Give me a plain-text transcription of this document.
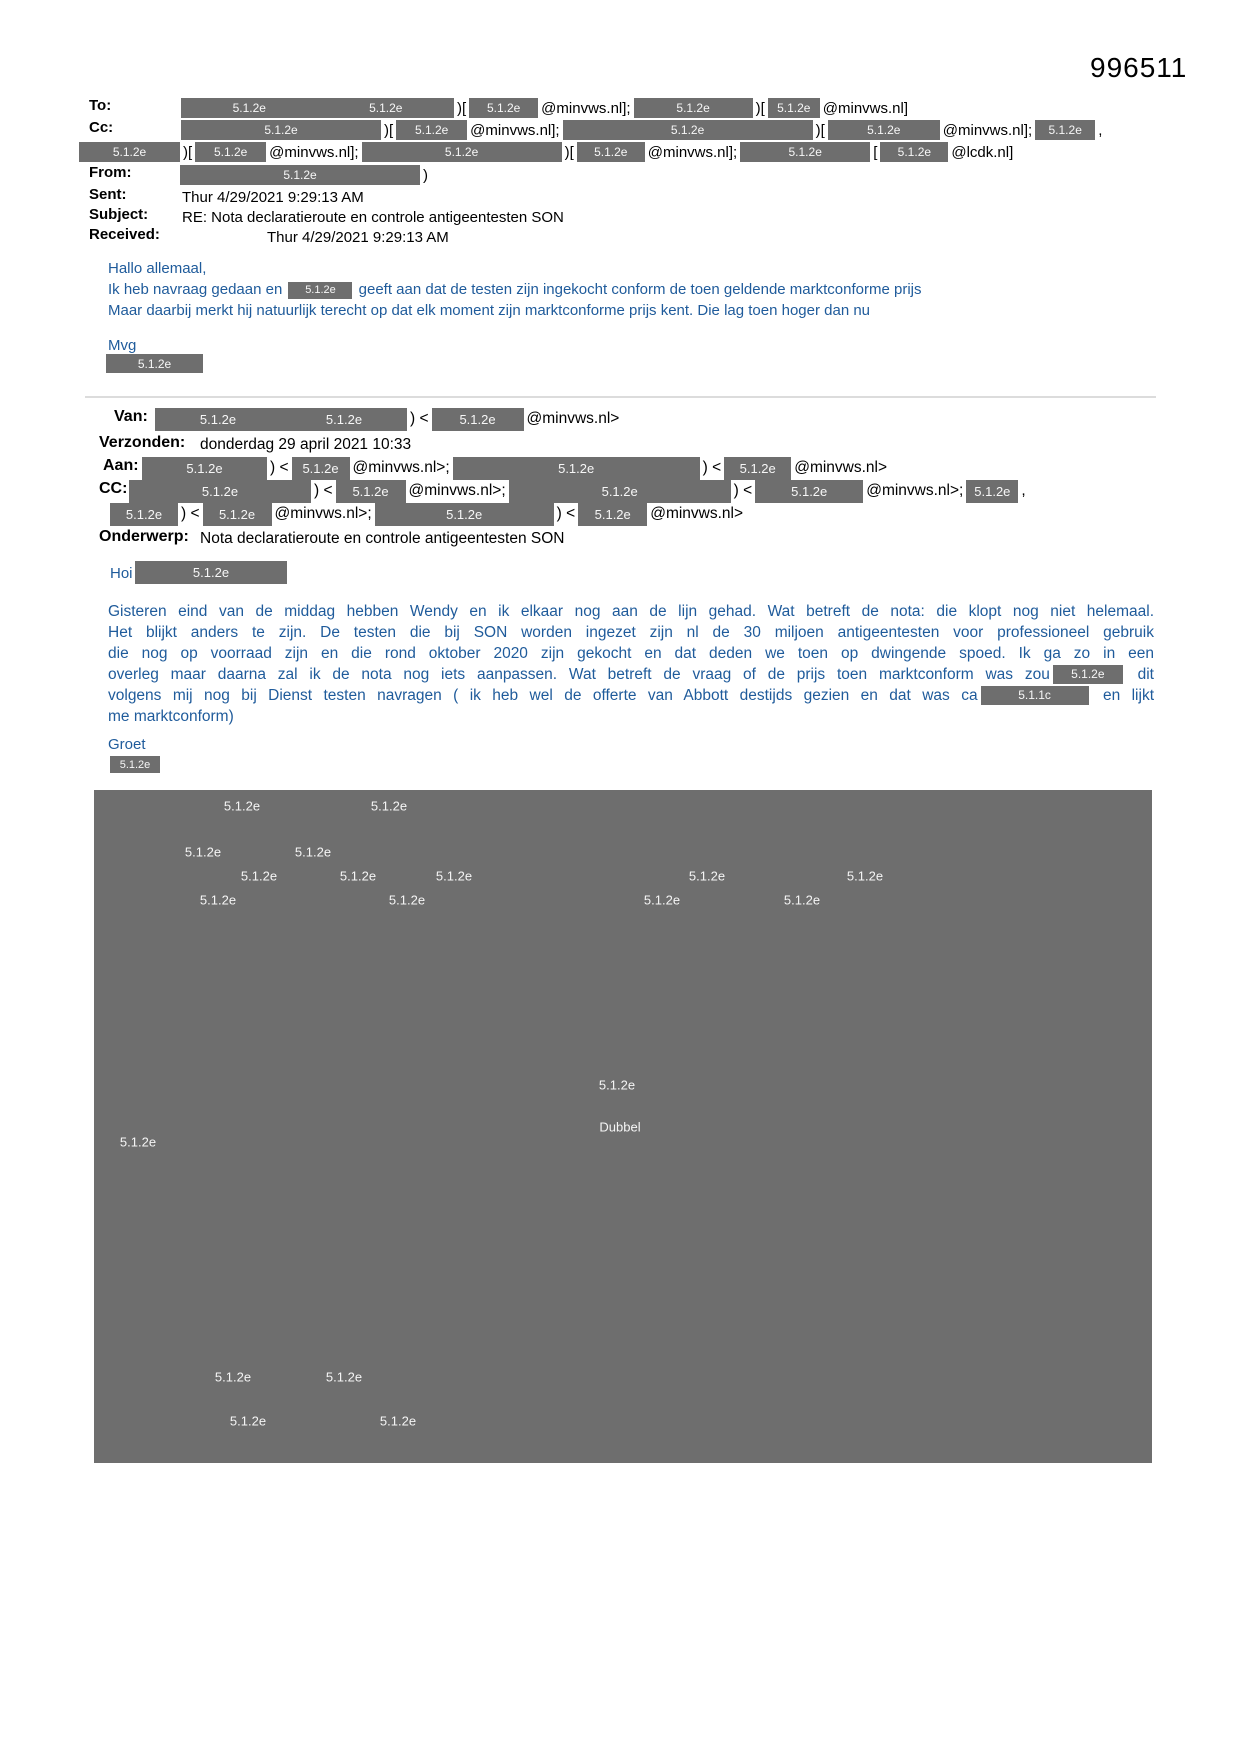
996511
To:	5.1.2e	5.1.2e	)[	5.1.2e	@minvws.nl];	5.1.2e	)[	5.1.2e @minvws.nl]
Cc:	5.1.2e	)[	5.1.2e	@minvws.nl];	5.1.2e	)[	5.1.2e	@minvws.nl];	5.1.2e	,
5.1.2e	)[	5.1.2e	@minvws.nl];	5.1.2e	)[	5.1.2e	@minvws.nl];	5.1.2e	[	5.1.2e	@lcdk.nl]
From:	5.1.2e	)
Sent:	Thur 4/29/2021 9:29:13 AM
Subject: RE: Nota declaratieroute en controle antigeentesten SON
Received:	Thur 4/29/2021 9:29:13 AM
Hallo allemaal,
Ik heb navraag gedaan en 5.1.2e geeft aan dat de testen zijn ingekocht conform de toen geldende marktconforme prijs
Maar daarbij merkt hij natuurlijk terecht op dat elk moment zijn marktconforme prijs kent. Die lag toen hoger dan nu
Mvg
5.1.2e
Van:	5.1.2e	5.1.2e	) <	5.1.2e	@minvws.nl>
Verzonden: donderdag 29 april 2021 10:33
Aan:	5.1.2e	) <	5.1.2e @minvws.nl>;	5.1.2e	) <	5.1.2e	@minvws.nl>
CC:	5.1.2e	) <	5.1.2e	@minvws.nl>;	5.1.2e	) <	5.1.2e	@minvws.nl>; 5.1.2e ,
5.1.2e	) <	5.1.2e	@minvws.nl>;	5.1.2e	) <	5.1.2e	@minvws.nl>
Onderwerp: Nota declaratieroute en controle antigeentesten SON
Hoi	5.1.2e
Gisteren eind van de middag hebben Wendy en ik elkaar nog aan de lijn gehad. Wat betreft de nota: die klopt nog niet helemaal.
Het blijkt anders te zijn. De testen die bij SON worden ingezet zijn nl de 30 miljoen antigeentesten voor professioneel gebruik
die nog op voorraad zijn en die rond oktober 2020 zijn gekocht en dat deden we toen op dwingende spoed. Ik ga zo in een
overleg maar daarna zal ik de nota nog iets aanpassen. Wat betreft de vraag of de prijs toen marktconform was zou 5.1.2e dit
volgens mij nog bij Dienst testen navragen ( ik heb wel de offerte van Abbott destijds gezien en dat was ca	5.1.1c	en lijkt
me marktconform)
Groet
5.1.2e
5.1.2e	5.1.2e
5.1.2e	5.1.2e
5.1.2e	5.1.2e	5.1.2e	5.1.2e	5.1.2e
5.1.2e	5.1.2e	5.1.2e	5.1.2e
5.1.2e
Dubbel
5.1.2e
5.1.2e	5.1.2e
5.1.2e	5.1.2e
